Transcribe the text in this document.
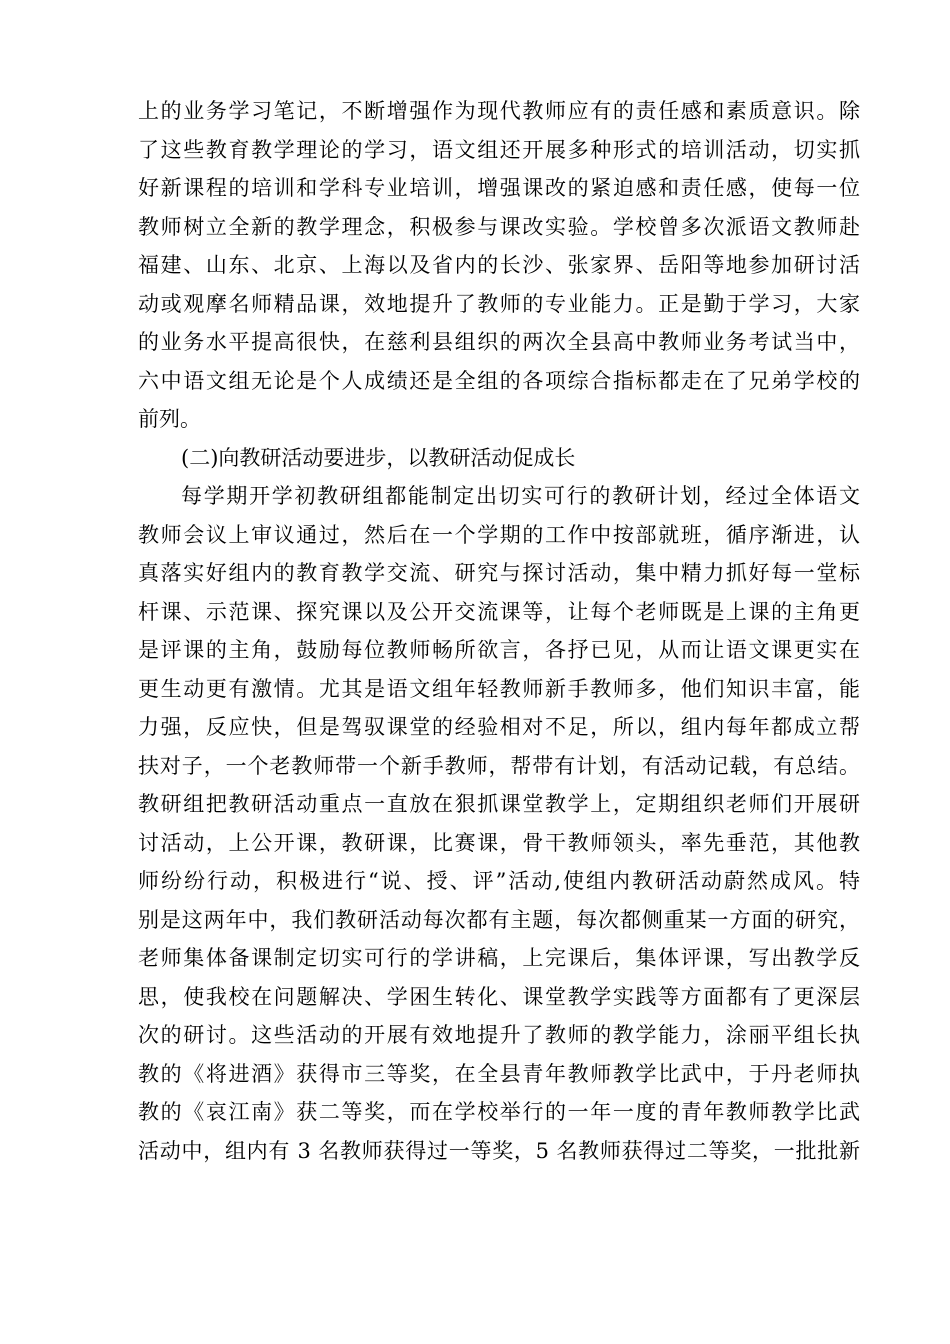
上的业务学习笔记，不断增强作为现代教师应有的责任感和素质意识。除
了这些教育教学理论的学习，语文组还开展多种形式的培训活动，切实抓
好新课程的培训和学科专业培训，增强课改的紧迫感和责任感，使每一位
教师树立全新的教学理念，积极参与课改实验。学校曾多次派语文教师赴
福建、山东、北京、上海以及省内的长沙、张家界、岳阳等地参加研讨活
动或观摩名师精品课，效地提升了教师的专业能力。正是勤于学习，大家
的业务水平提高很快，在慈利县组织的两次全县高中教师业务考试当中，
六中语文组无论是个人成绩还是全组的各项综合指标都走在了兄弟学校的
前列。
(二)向教研活动要进步，以教研活动促成长
每学期开学初教研组都能制定出切实可行的教研计划，经过全体语文
教师会议上审议通过，然后在一个学期的工作中按部就班，循序渐进，认
真落实好组内的教育教学交流、研究与探讨活动，集中精力抓好每一堂标
杆课、示范课、探究课以及公开交流课等，让每个老师既是上课的主角更
是评课的主角，鼓励每位教师畅所欲言，各抒已见，从而让语文课更实在
更生动更有激情。尤其是语文组年轻教师新手教师多，他们知识丰富，能
力强，反应快，但是驾驭课堂的经验相对不足，所以，组内每年都成立帮
扶对子，一个老教师带一个新手教师，帮带有计划，有活动记载，有总结。
教研组把教研活动重点一直放在狠抓课堂教学上，定期组织老师们开展研
讨活动，上公开课，教研课，比赛课，骨干教师领头，率先垂范，其他教
师纷纷行动，积极进行“说、授、评”活动,使组内教研活动蔚然成风。特
别是这两年中，我们教研活动每次都有主题，每次都侧重某一方面的研究，
老师集体备课制定切实可行的学讲稿，上完课后，集体评课，写出教学反
思，使我校在问题解决、学困生转化、课堂教学实践等方面都有了更深层
次的研讨。这些活动的开展有效地提升了教师的教学能力，涂丽平组长执
教的《将进酒》获得市三等奖，在全县青年教师教学比武中，于丹老师执
教的《哀江南》获二等奖，而在学校举行的一年一度的青年教师教学比武
活动中，组内有 3 名教师获得过一等奖，5 名教师获得过二等奖，一批批新
